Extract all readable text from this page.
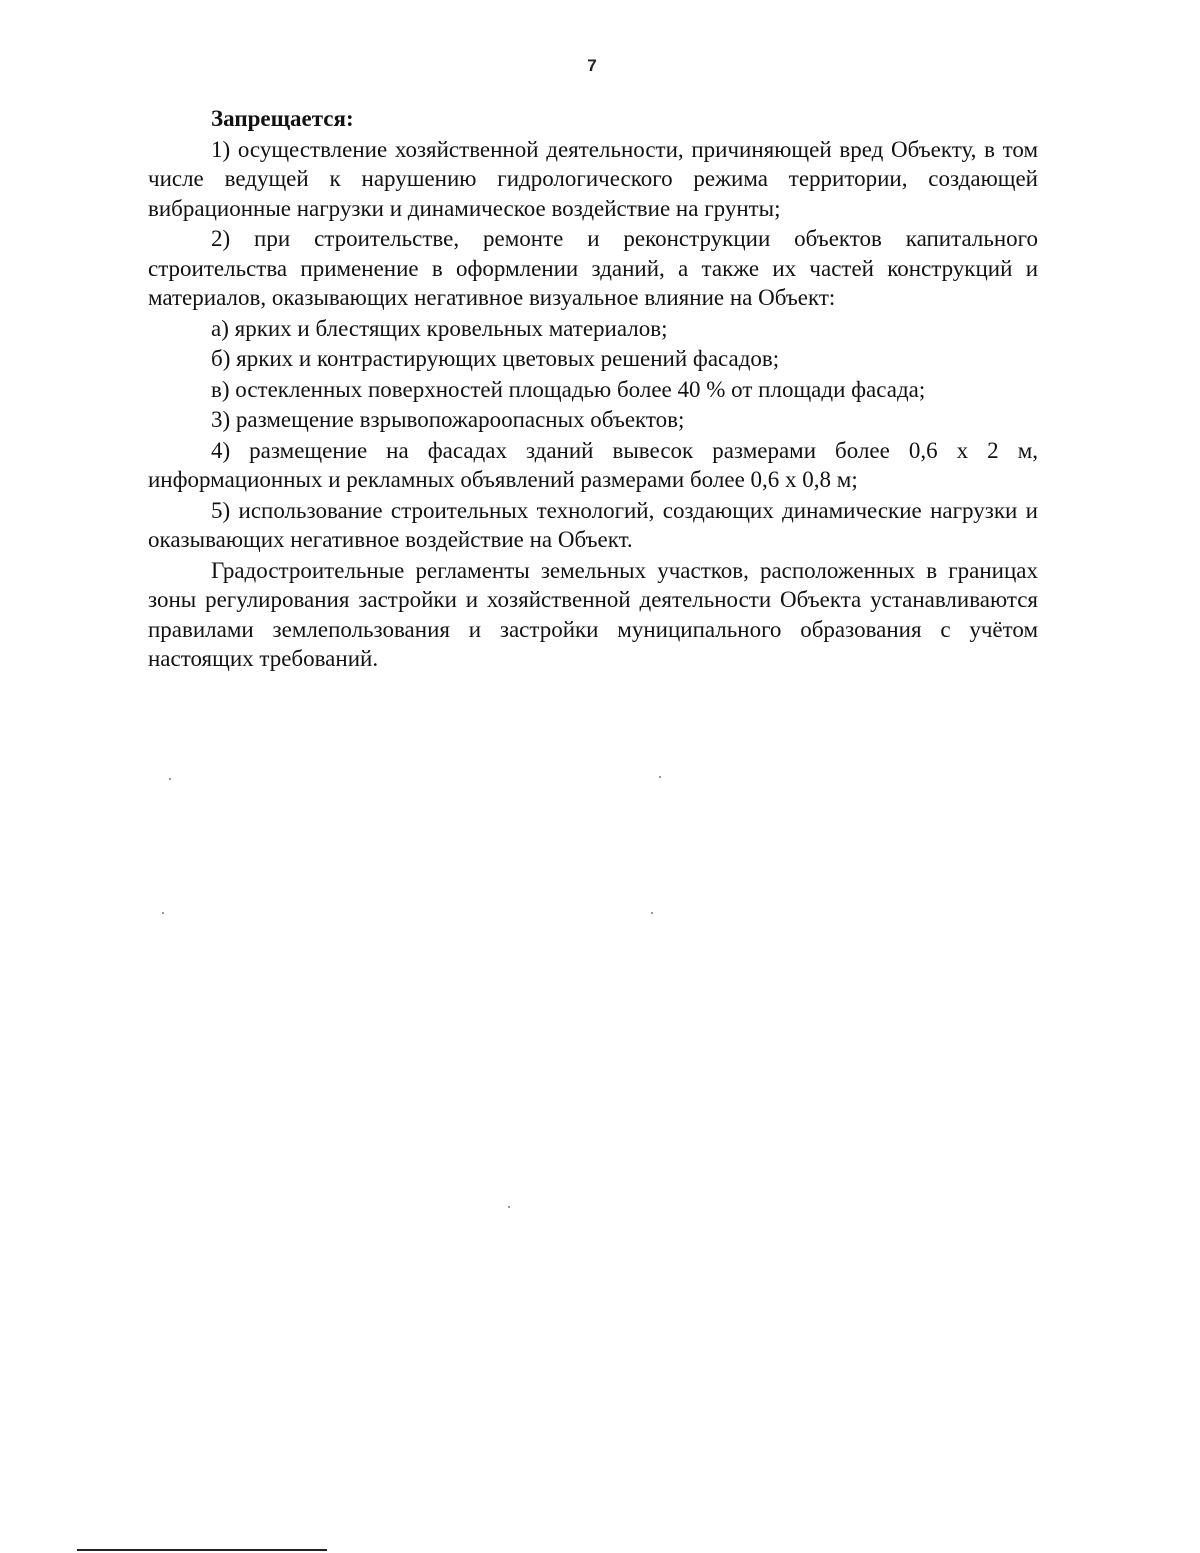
7

Запрещается:

1) осуществление хозяйственной деятельности, причиняющей вред Объекту, в том числе ведущей к нарушению гидрологического режима территории, создающей вибрационные нагрузки и динамическое воздействие на грунты;

2) при строительстве, ремонте и реконструкции объектов капитального строительства применение в оформлении зданий, а также их частей конструкций и материалов, оказывающих негативное визуальное влияние на Объект:

а) ярких и блестящих кровельных материалов;

б) ярких и контрастирующих цветовых решений фасадов;

в) остекленных поверхностей площадью более 40 % от площади фасада;

3) размещение взрывопожароопасных объектов;

4) размещение на фасадах зданий вывесок размерами более 0,6 х 2 м, информационных и рекламных объявлений размерами более 0,6 х 0,8 м;

5) использование строительных технологий, создающих динамические нагрузки и оказывающих негативное воздействие на Объект.

Градостроительные регламенты земельных участков, расположенных в границах зоны регулирования застройки и хозяйственной деятельности Объекта устанавливаются правилами землепользования и застройки муниципального образования с учётом настоящих требований.
